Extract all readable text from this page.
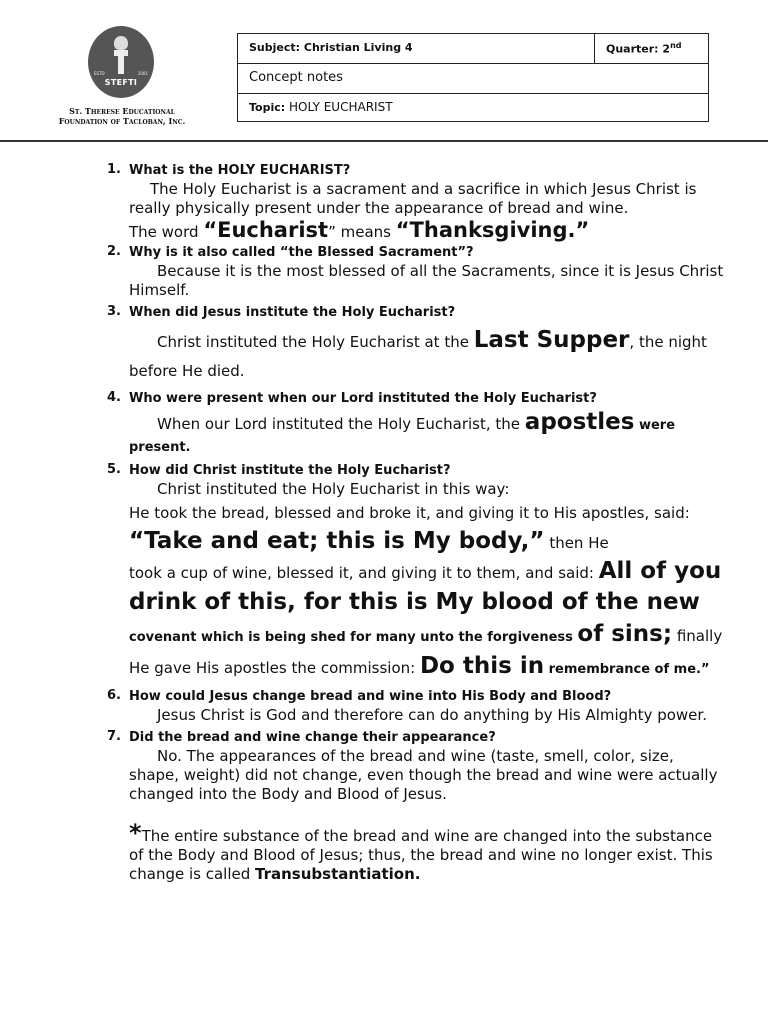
ESTD	2001
STEFTI
St. Therese Educational
Foundation of Tacloban, Inc.
Subject: Christian Living 4	Quarter: 2nd
Concept notes
Topic: HOLY EUCHARIST
1. What is the HOLY EUCHARIST?
The Holy Eucharist is a sacrament and a sacrifice in which Jesus Christ is really physically present under the appearance of bread and wine.
The word “Eucharist” means “Thanksgiving.”
2. Why is it also called “the Blessed Sacrament”?
Because it is the most blessed of all the Sacraments, since it is Jesus Christ Himself.
3. When did Jesus institute the Holy Eucharist?
Christ instituted the Holy Eucharist at the Last Supper, the night before He died.
4. Who were present when our Lord instituted the Holy Eucharist?
When our Lord instituted the Holy Eucharist, the apostles were present.
5. How did Christ institute the Holy Eucharist?
Christ instituted the Holy Eucharist in this way:
He took the bread, blessed and broke it, and giving it to His apostles, said: “Take and eat; this is My body,” then He
took a cup of wine, blessed it, and giving it to them, and said: All of you drink of this, for this is My blood of the new covenant which is being shed for many unto the forgiveness of sins; finally He gave His apostles the commission: Do this in remembrance of me.”
6. How could Jesus change bread and wine into His Body and Blood?
Jesus Christ is God and therefore can do anything by His Almighty power.
7. Did the bread and wine change their appearance?
No. The appearances of the bread and wine (taste, smell, color, size, shape, weight) did not change, even though the bread and wine were actually changed into the Body and Blood of Jesus.
*The entire substance of the bread and wine are changed into the substance of the Body and Blood of Jesus; thus, the bread and wine no longer exist. This change is called Transubstantiation.
